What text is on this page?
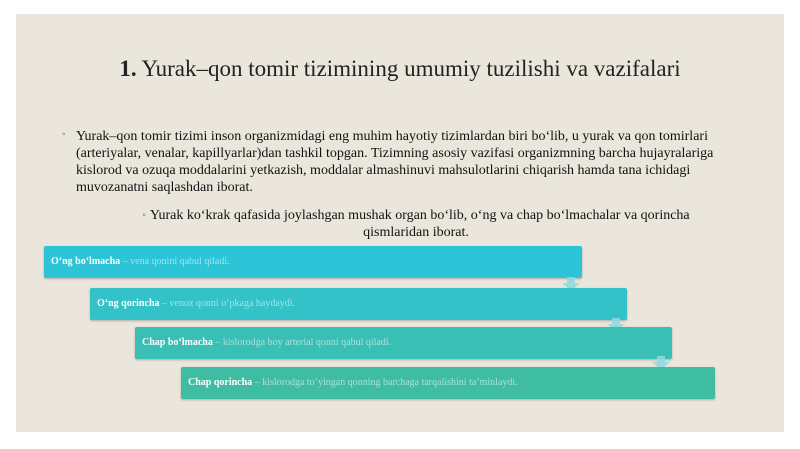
1. Yurak–qon tomir tizimining umumiy tuzilishi va vazifalari
◦ Yurak–qon tomir tizimi inson organizmidagi eng muhim hayotiy tizimlardan biri boʻlib, u yurak va qon tomirlari (arteriyalar, venalar, kapillyarlar)dan tashkil topgan. Tizimning asosiy vazifasi organizmning barcha hujayralariga kislorod va ozuqa moddalarini yetkazish, moddalar almashinuvi mahsulotlarini chiqarish hamda tana ichidagi muvozanatni saqlashdan iborat.
◦ Yurak koʻkrak qafasida joylashgan mushak organ boʻlib, oʻng va chap boʻlmachalar va qorincha qismlaridan iborat.
Oʻng boʻlmacha – vena qonini qabul qiladi.
Oʻng qorincha – venoz qonni oʻpkaga haydaydi.
Chap boʻlmacha – kislorodga boy arterial qonni qabul qiladi.
Chap qorincha – kislorodga toʻyingan qonning barchaga tarqalishini taʼminlaydi.
